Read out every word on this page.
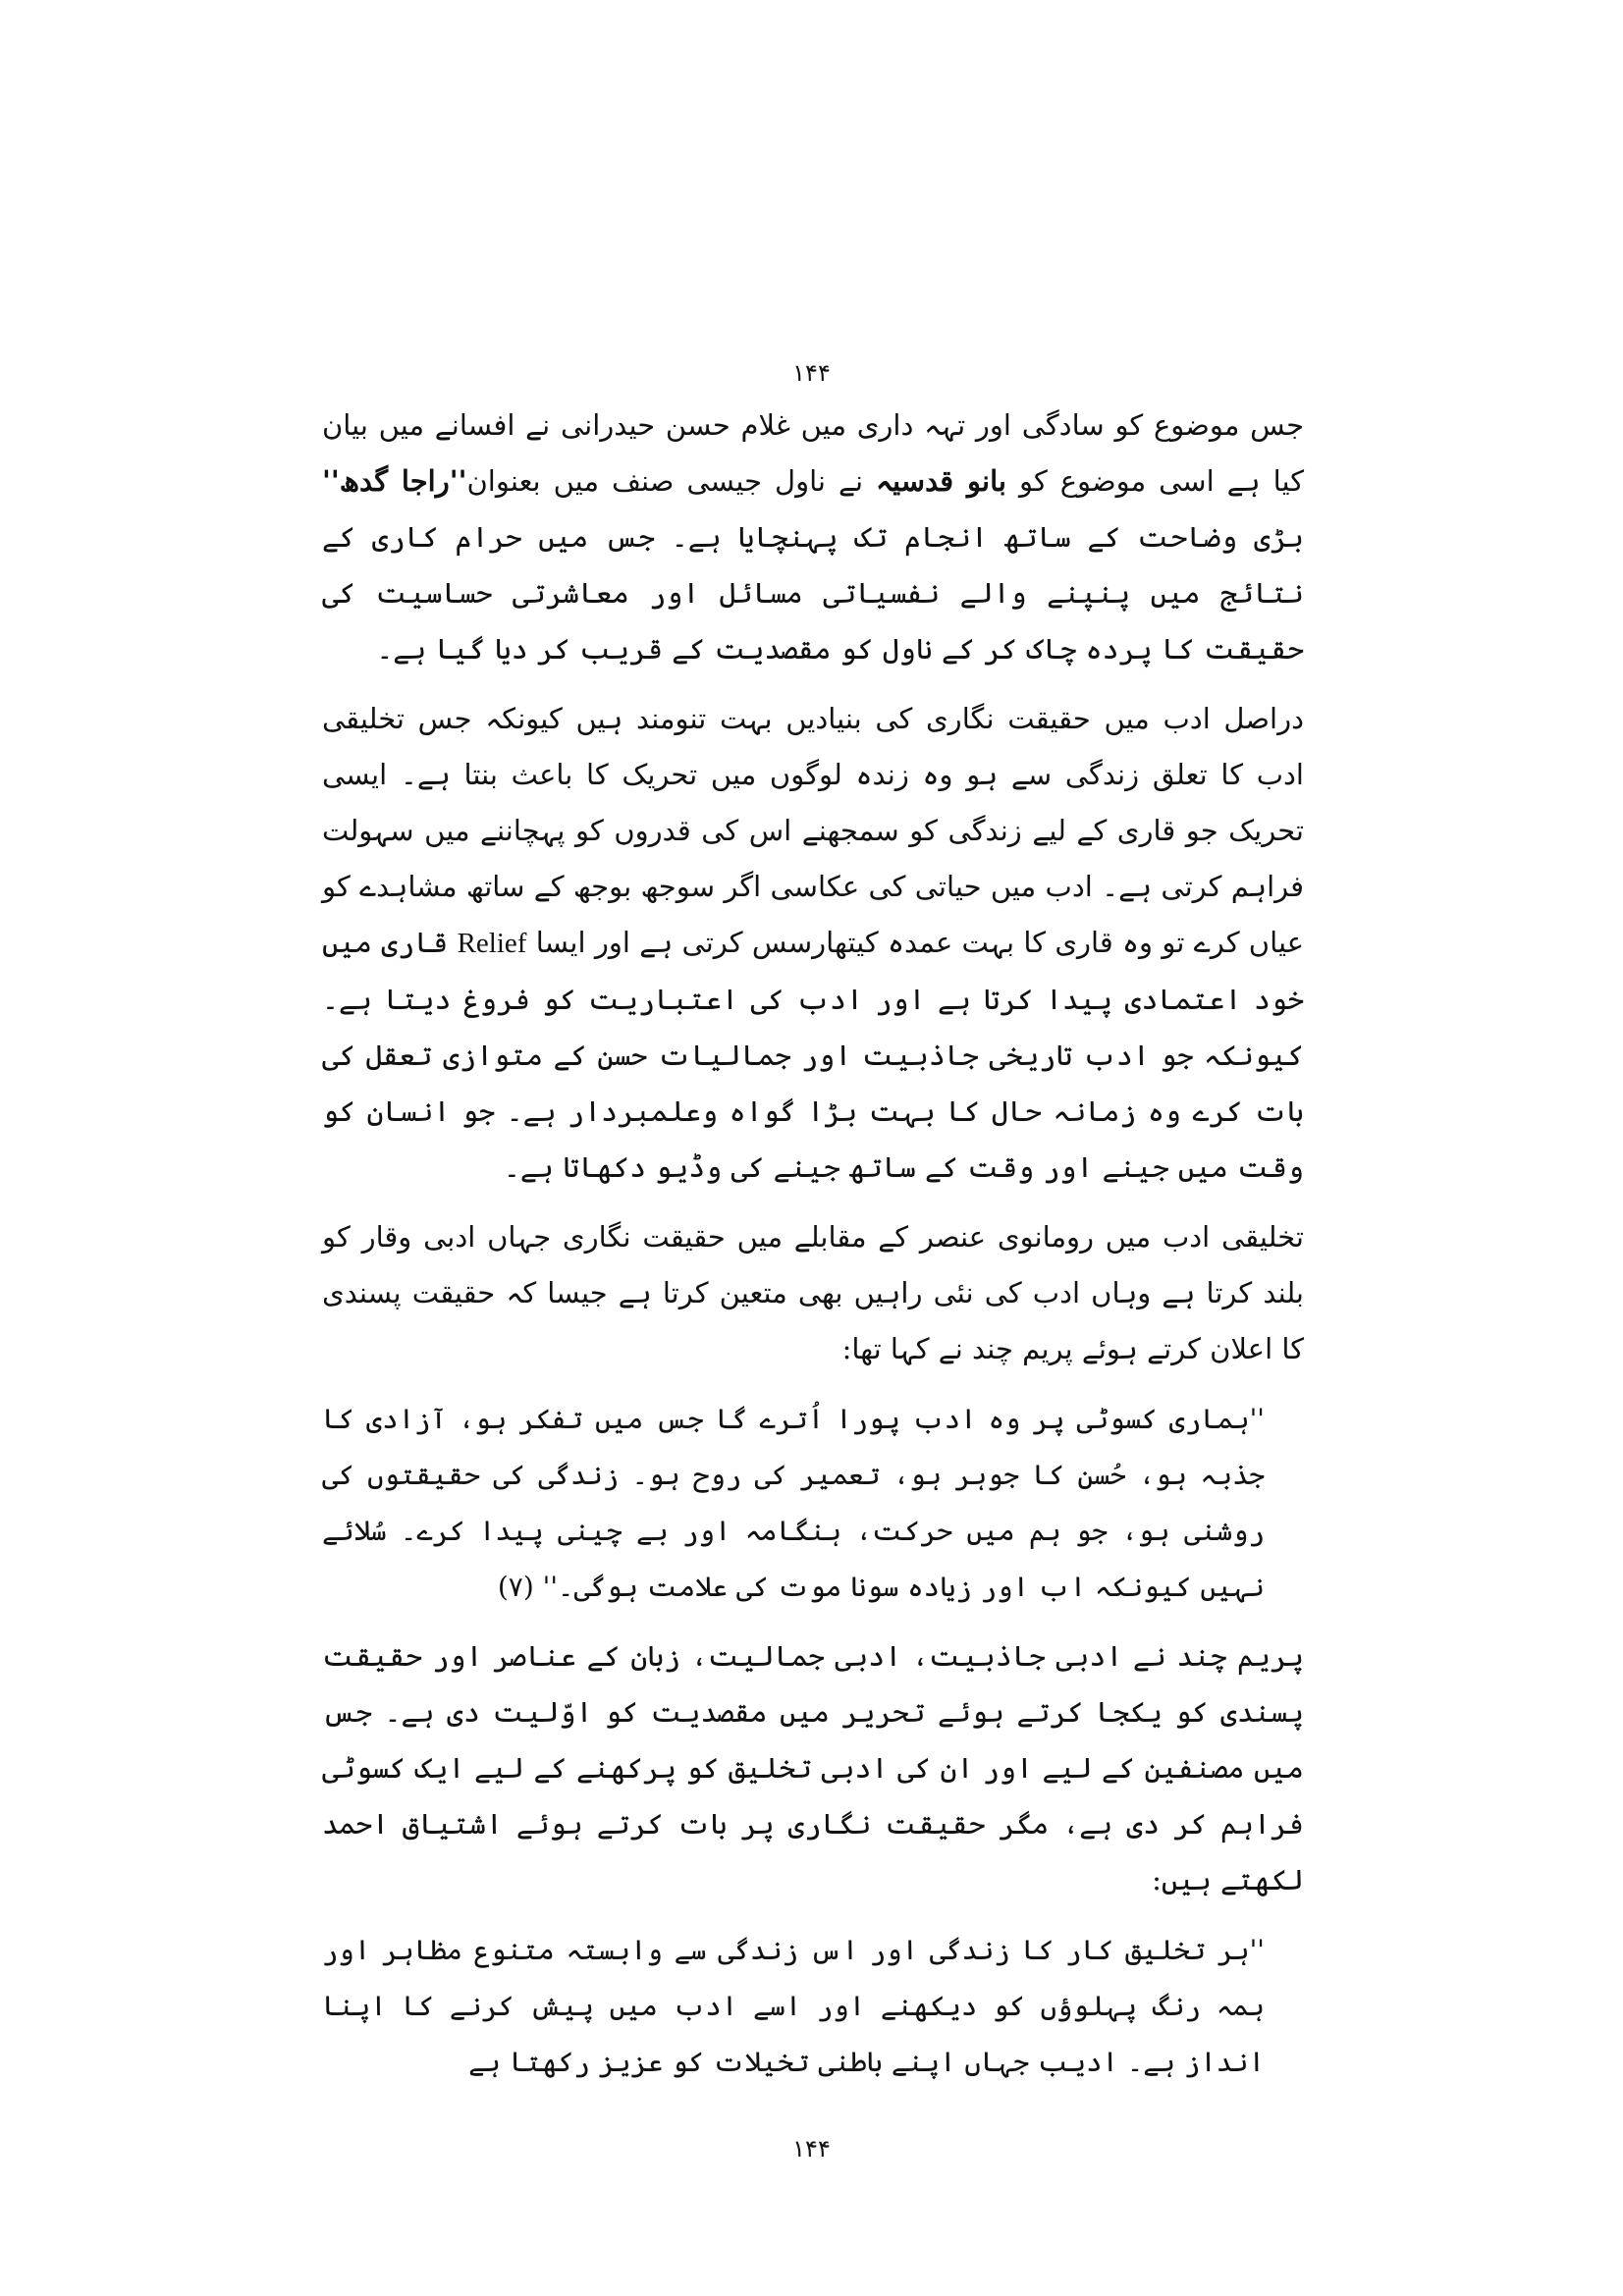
۱۴۴
جس موضوع کو سادگی اور تہہ داری میں غلام حسن حیدرانی نے افسانے میں بیان کیا ہے اسی موضوع کو بانو قدسیہ نے ناول جیسی صنف میں بعنوان''راجا گدھ'' بڑی وضاحت کے ساتھ انجام تک پہنچایا ہے۔ جس میں حرام کاری کے نتائج میں پنپنے والے نفسیاتی مسائل اور معاشرتی حساسیت کی حقیقت کا پردہ چاک کر کے ناول کو مقصدیت کے قریب کر دیا گیا ہے۔
دراصل ادب میں حقیقت نگاری کی بنیادیں بہت تنومند ہیں کیونکہ جس تخلیقی ادب کا تعلق زندگی سے ہو وہ زندہ لوگوں میں تحریک کا باعث بنتا ہے۔ ایسی تحریک جو قاری کے لیے زندگی کو سمجھنے اس کی قدروں کو پہچاننے میں سہولت فراہم کرتی ہے۔ ادب میں حیاتی کی عکاسی اگر سوجھ بوجھ کے ساتھ مشاہدے کو عیاں کرے تو وہ قاری کا بہت عمدہ کیتھارسس کرتی ہے اور ایسا Relief قاری میں خود اعتمادی پیدا کرتا ہے اور ادب کی اعتباریت کو فروغ دیتا ہے۔ کیونکہ جو ادب تاریخی جاذبیت اور جمالیات حسن کے متوازی تعقل کی بات کرے وہ زمانہ حال کا بہت بڑا گواہ وعلمبردار ہے۔ جو انسان کو وقت میں جینے اور وقت کے ساتھ جینے کی وڈیو دکھاتا ہے۔
تخلیقی ادب میں رومانوی عنصر کے مقابلے میں حقیقت نگاری جہاں ادبی وقار کو بلند کرتا ہے وہاں ادب کی نئی راہیں بھی متعین کرتا ہے جیسا کہ حقیقت پسندی کا اعلان کرتے ہوئے پریم چند نے کہا تھا:
''ہماری کسوٹی پر وہ ادب پورا اُترے گا جس میں تفکر ہو، آزادی کا جذبہ ہو، حُسن کا جوہر ہو، تعمیر کی روح ہو۔ زندگی کی حقیقتوں کی روشنی ہو، جو ہم میں حرکت، ہنگامہ اور بے چینی پیدا کرے۔ سُلائے نہیں کیونکہ اب اور زیادہ سونا موت کی علامت ہوگی۔'' (۷)
پریم چند نے ادبی جاذبیت، ادبی جمالیت، زبان کے عناصر اور حقیقت پسندی کو یکجا کرتے ہوئے تحریر میں مقصدیت کو اوّلیت دی ہے۔ جس میں مصنفین کے لیے اور ان کی ادبی تخلیق کو پرکھنے کے لیے ایک کسوٹی فراہم کر دی ہے، مگر حقیقت نگاری پر بات کرتے ہوئے اشتیاق احمد لکھتے ہیں:
''ہر تخلیق کار کا زندگی اور اس زندگی سے وابستہ متنوع مظاہر اور ہمہ رنگ پہلوؤں کو دیکھنے اور اسے ادب میں پیش کرنے کا اپنا انداز ہے۔ ادیب جہاں اپنے باطنی تخیلات کو عزیز رکھتا ہے
۱۴۴
